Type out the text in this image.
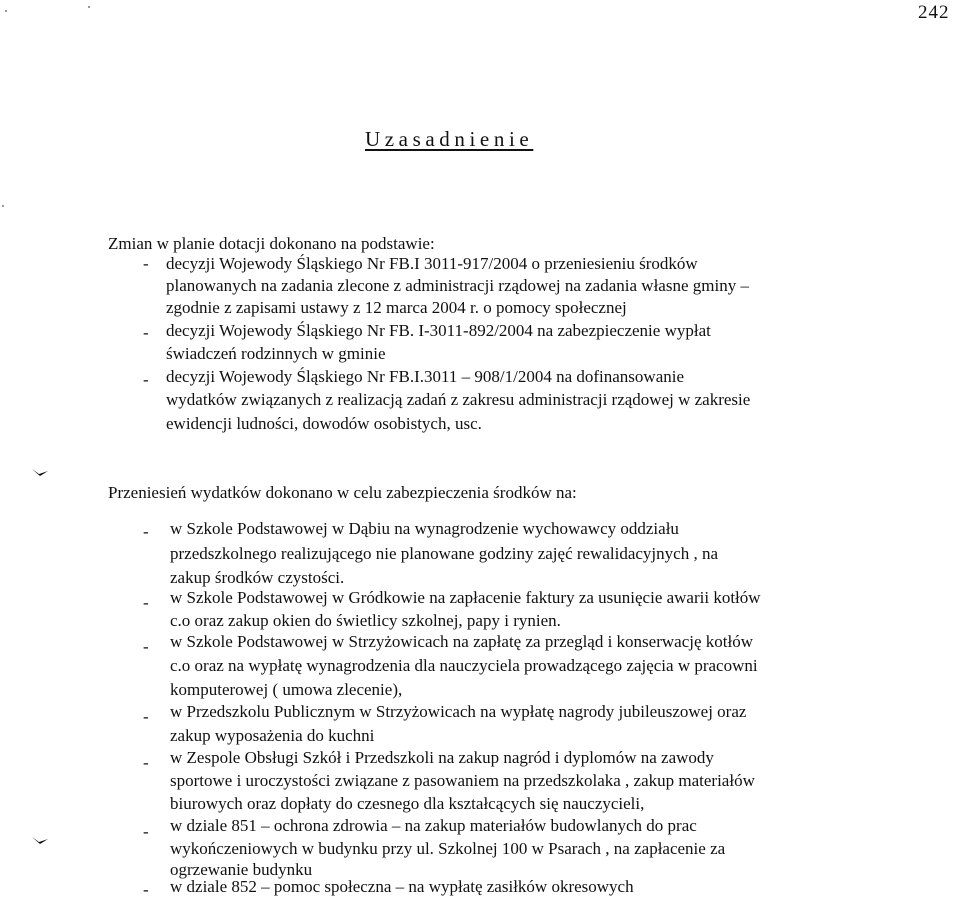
242
Uzasadnienie
Zmian w planie dotacji dokonano na podstawie:
- decyzji Wojewody Śląskiego Nr FB.I 3011-917/2004 o przeniesieniu środków
planowanych na zadania zlecone z administracji rządowej na zadania własne gminy –
zgodnie z zapisami ustawy z 12 marca 2004 r. o pomocy społecznej
- decyzji Wojewody Śląskiego Nr FB. I-3011-892/2004 na zabezpieczenie wypłat
świadczeń rodzinnych w gminie
- decyzji Wojewody Śląskiego Nr FB.I.3011 – 908/1/2004 na dofinansowanie
wydatków związanych z realizacją zadań z zakresu administracji rządowej w zakresie
ewidencji ludności, dowodów osobistych, usc.
Przeniesień wydatków dokonano w celu zabezpieczenia środków na:
- w Szkole Podstawowej w Dąbiu na wynagrodzenie wychowawcy oddziału
przedszkolnego realizującego nie planowane godziny zajęć rewalidacyjnych , na
zakup środków czystości.
- w Szkole Podstawowej w Gródkowie na zapłacenie faktury za usunięcie awarii kotłów
c.o oraz zakup okien do świetlicy szkolnej, papy i rynien.
- w Szkole Podstawowej w Strzyżowicach na zapłatę za przegląd i konserwację kotłów
c.o oraz na wypłatę wynagrodzenia dla nauczyciela prowadzącego zajęcia w pracowni
komputerowej ( umowa zlecenie),
- w Przedszkolu Publicznym w Strzyżowicach na wypłatę nagrody jubileuszowej oraz
zakup wyposażenia do kuchni
- w Zespole Obsługi Szkół i Przedszkoli na zakup nagród i dyplomów na zawody
sportowe i uroczystości związane z pasowaniem na przedszkolaka , zakup materiałów
biurowych oraz dopłaty do czesnego dla kształcących się nauczycieli,
- w dziale 851 – ochrona zdrowia – na zakup materiałów budowlanych do prac
wykończeniowych w budynku przy ul. Szkolnej 100 w Psarach , na zapłacenie za
ogrzewanie budynku
- w dziale 852 – pomoc społeczna – na wypłatę zasiłków okresowych
